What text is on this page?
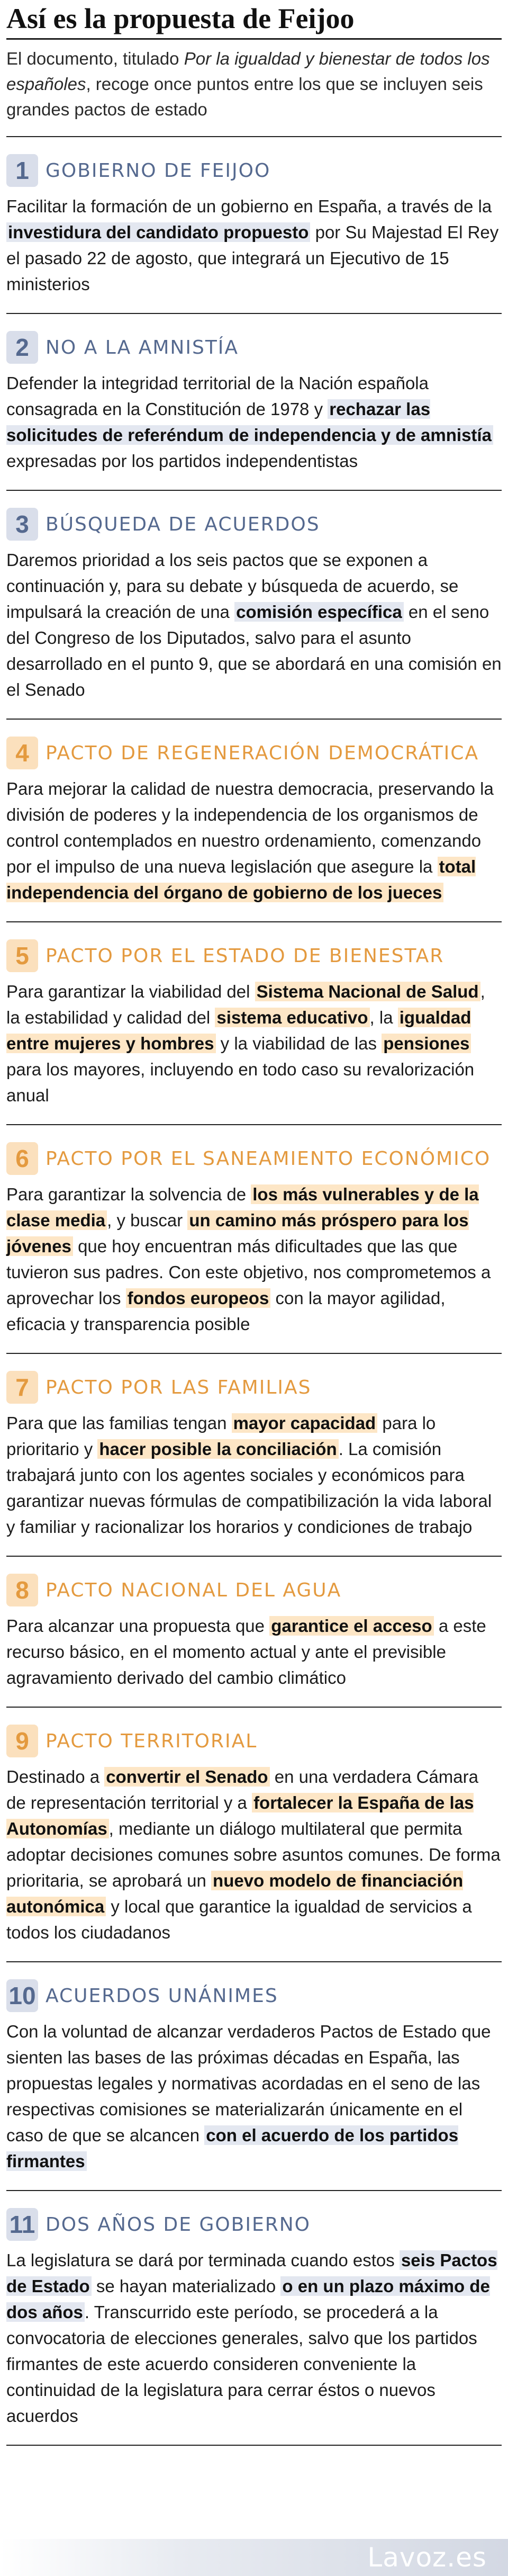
Así es la propuesta de Feijoo

El documento, titulado Por la igualdad y bienestar de todos los españoles, recoge once puntos entre los que se incluyen seis grandes pactos de estado

1 GOBIERNO DE FEIJOO
Facilitar la formación de un gobierno en España, a través de la investidura del candidato propuesto por Su Majestad El Rey el pasado 22 de agosto, que integrará un Ejecutivo de 15 ministerios
2 NO A LA AMNISTÍA
Defender la integridad territorial de la Nación española consagrada en la Constitución de 1978 y rechazar las solicitudes de referéndum de independencia y de amnistía expresadas por los partidos independentistas
3 BÚSQUEDA DE ACUERDOS
Daremos prioridad a los seis pactos que se exponen a continuación y, para su debate y búsqueda de acuerdo, se impulsará la creación de una comisión específica en el seno del Congreso de los Diputados, salvo para el asunto desarrollado en el punto 9, que se abordará en una comisión en el Senado
4 PACTO DE REGENERACIÓN DEMOCRÁTICA
Para mejorar la calidad de nuestra democracia, preservando la división de poderes y la independencia de los organismos de control contemplados en nuestro ordenamiento, comenzando por el impulso de una nueva legislación que asegure la total independencia del órgano de gobierno de los jueces
5 PACTO POR EL ESTADO DE BIENESTAR
Para garantizar la viabilidad del Sistema Nacional de Salud, la estabilidad y calidad del sistema educativo, la igualdad entre mujeres y hombres y la viabilidad de las pensiones para los mayores, incluyendo en todo caso su revalorización anual
6 PACTO POR EL SANEAMIENTO ECONÓMICO
Para garantizar la solvencia de los más vulnerables y de la clase media, y buscar un camino más próspero para los jóvenes que hoy encuentran más dificultades que las que tuvieron sus padres. Con este objetivo, nos comprometemos a aprovechar los fondos europeos con la mayor agilidad, eficacia y transparencia posible
7 PACTO POR LAS FAMILIAS
Para que las familias tengan mayor capacidad para lo prioritario y hacer posible la conciliación. La comisión trabajará junto con los agentes sociales y económicos para garantizar nuevas fórmulas de compatibilización la vida laboral y familiar y racionalizar los horarios y condiciones de trabajo
8 PACTO NACIONAL DEL AGUA
Para alcanzar una propuesta que garantice el acceso a este recurso básico, en el momento actual y ante el previsible agravamiento derivado del cambio climático
9 PACTO TERRITORIAL
Destinado a convertir el Senado en una verdadera Cámara de representación territorial y a fortalecer la España de las Autonomías, mediante un diálogo multilateral que permita adoptar decisiones comunes sobre asuntos comunes. De forma prioritaria, se aprobará un nuevo modelo de financiación autonómica y local que garantice la igualdad de servicios a todos los ciudadanos
10 ACUERDOS UNÁNIMES
Con la voluntad de alcanzar verdaderos Pactos de Estado que sienten las bases de las próximas décadas en España, las propuestas legales y normativas acordadas en el seno de las respectivas comisiones se materializarán únicamente en el caso de que se alcancen con el acuerdo de los partidos firmantes
11 DOS AÑOS DE GOBIERNO
La legislatura se dará por terminada cuando estos seis Pactos de Estado se hayan materializado o en un plazo máximo de dos años. Transcurrido este período, se procederá a la convocatoria de elecciones generales, salvo que los partidos firmantes de este acuerdo consideren conveniente la continuidad de la legislatura para cerrar éstos o nuevos acuerdos
Lavoz.es
